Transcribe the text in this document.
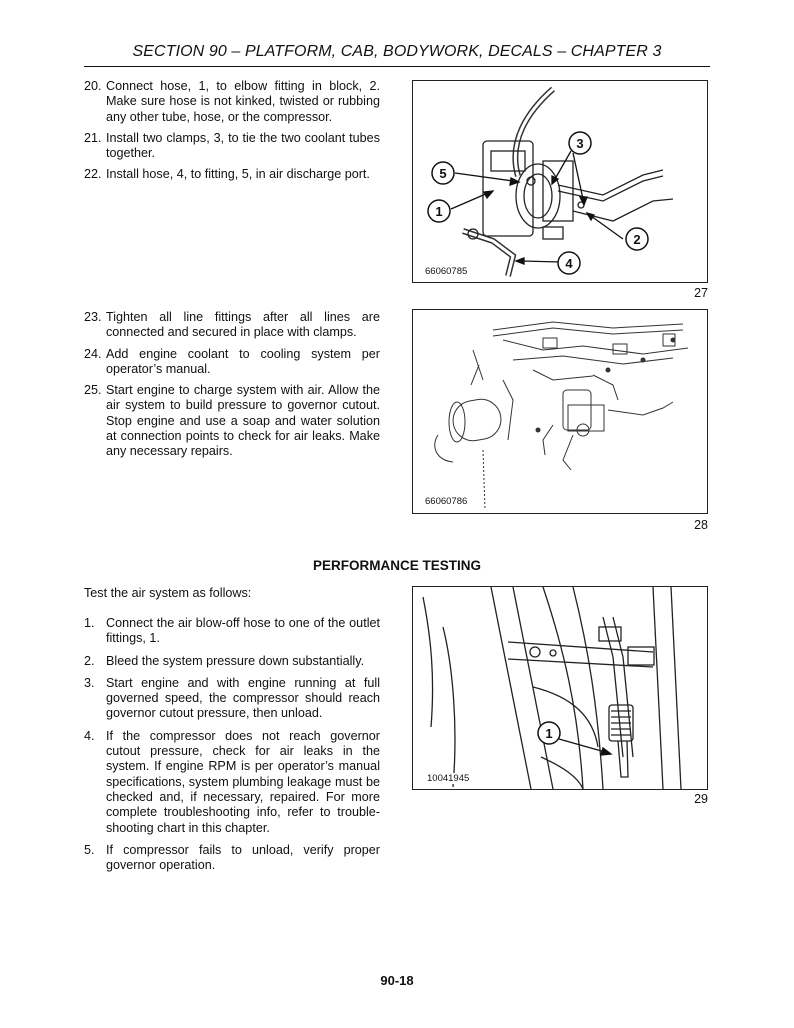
SECTION 90 – PLATFORM, CAB, BODYWORK, DECALS – CHAPTER 3
20. Connect hose, 1, to elbow fitting in block, 2. Make sure hose is not kinked, twisted or rubbing any other tube, hose, or the compressor.
21. Install two clamps, 3, to tie the two coolant tubes together.
22. Install hose, 4, to fitting, 5, in air discharge port.
1
2
3
4
5
66060785
27
23. Tighten all line fittings after all lines are connected and secured in place with clamps.
24. Add engine coolant to cooling system per operator’s manual.
25. Start engine to charge system with air. Allow the air system to build pressure to governor cutout. Stop engine and use a soap and water solution at connection points to check for air leaks. Make any necessary repairs.
66060786
28
PERFORMANCE TESTING

Test the air system as follows:

1. Connect the air blow-off hose to one of the outlet fittings, 1.
2. Bleed the system pressure down substantially.
3. Start engine and with engine running at full governed speed, the compressor should reach governor cutout pressure, then unload.
4. If the compressor does not reach governor cutout pressure, check for air leaks in the system. If engine RPM is per operator’s manual specifications, system plumbing leakage must be checked and, if necessary, repaired. For more complete troubleshooting info, refer to trouble-shooting chart in this chapter.
5. If compressor fails to unload, verify proper governor operation.
1
10041945
29
90-18
